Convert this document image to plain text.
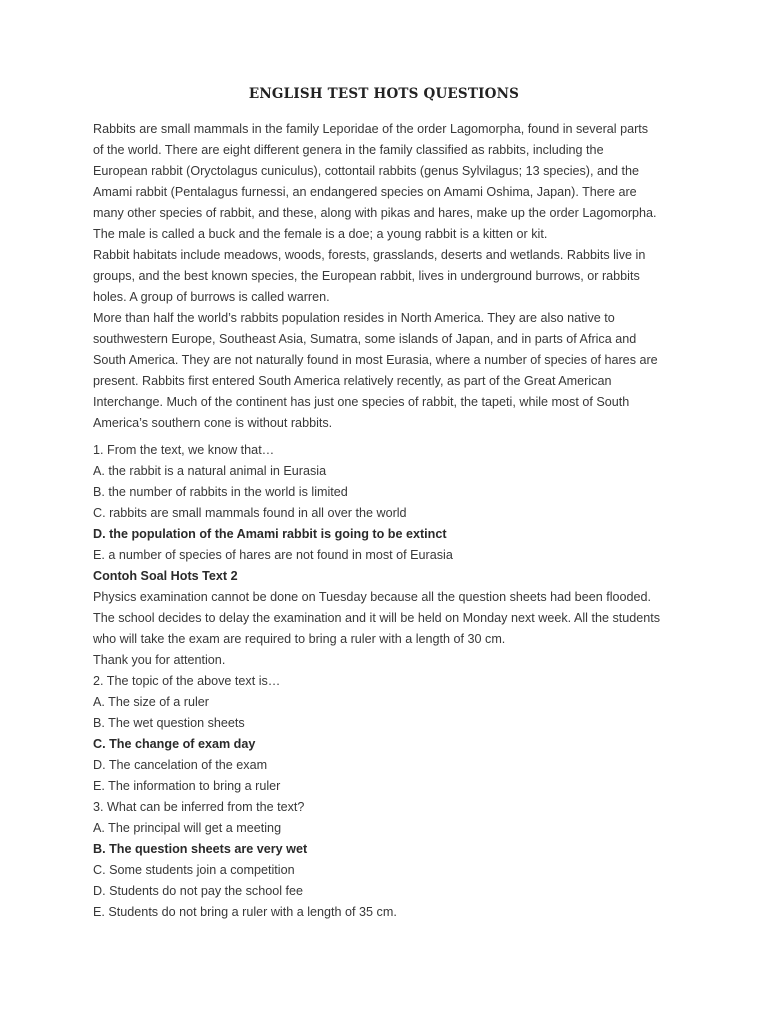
ENGLISH TEST HOTS QUESTIONS

Rabbits are small mammals in the family Leporidae of the order Lagomorpha, found in several parts

of the world. There are eight different genera in the family classified as rabbits, including the

European rabbit (Oryctolagus cuniculus), cottontail rabbits (genus Sylvilagus; 13 species), and the

Amami rabbit (Pentalagus furnessi, an endangered species on Amami Oshima, Japan). There are

many other species of rabbit, and these, along with pikas and hares, make up the order Lagomorpha.

The male is called a buck and the female is a doe; a young rabbit is a kitten or kit.

Rabbit habitats include meadows, woods, forests, grasslands, deserts and wetlands. Rabbits live in

groups, and the best known species, the European rabbit, lives in underground burrows, or rabbits

holes. A group of burrows is called warren.

More than half the world’s rabbits population resides in North America. They are also native to

southwestern Europe, Southeast Asia, Sumatra, some islands of Japan, and in parts of Africa and

South America. They are not naturally found in most Eurasia, where a number of species of hares are

present. Rabbits first entered South America relatively recently, as part of the Great American

Interchange. Much of the continent has just one species of rabbit, the tapeti, while most of South

America’s southern cone is without rabbits.

1. From the text, we know that…

A. the rabbit is a natural animal in Eurasia

B. the number of rabbits in the world is limited

C. rabbits are small mammals found in all over the world

D. the population of the Amami rabbit is going to be extinct

E. a number of species of hares are not found in most of Eurasia

Contoh Soal Hots Text 2

Physics examination cannot be done on Tuesday because all the question sheets had been flooded.

The school decides to delay the examination and it will be held on Monday next week. All the students

who will take the exam are required to bring a ruler with a length of 30 cm.

Thank you for attention.

2. The topic of the above text is…

A. The size of a ruler

B. The wet question sheets

C. The change of exam day

D. The cancelation of the exam

E. The information to bring a ruler

3. What can be inferred from the text?

A. The principal will get a meeting

B. The question sheets are very wet

C. Some students join a competition

D. Students do not pay the school fee

E. Students do not bring a ruler with a length of 35 cm.
